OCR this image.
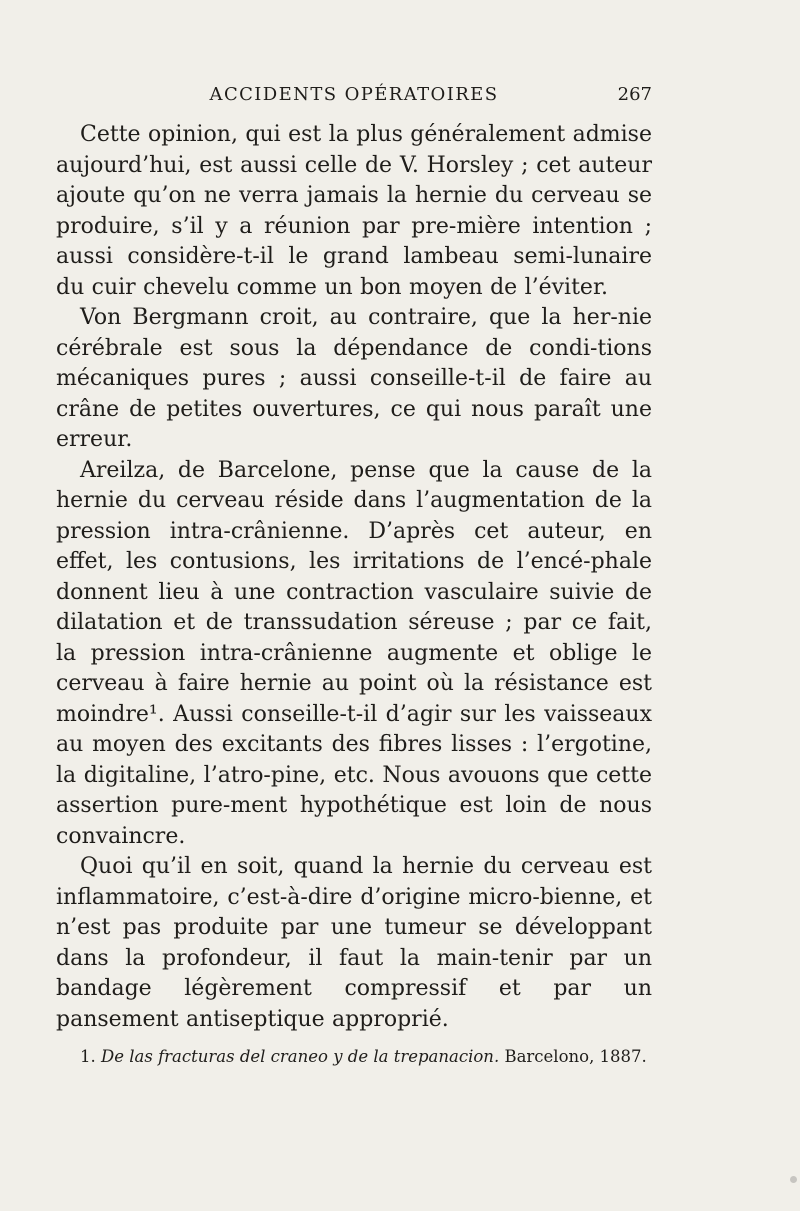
ACCIDENTS OPÉRATOIRES	267

Cette opinion, qui est la plus généralement admise aujourd’hui, est aussi celle de V. Horsley ; cet auteur ajoute qu’on ne verra jamais la hernie du cerveau se produire, s’il y a réunion par pre-mière intention ; aussi considère-t-il le grand lambeau semi-lunaire du cuir chevelu comme un bon moyen de l’éviter.

Von Bergmann croit, au contraire, que la her-nie cérébrale est sous la dépendance de condi-tions mécaniques pures ; aussi conseille-t-il de faire au crâne de petites ouvertures, ce qui nous paraît une erreur.

Areilza, de Barcelone, pense que la cause de la hernie du cerveau réside dans l’augmentation de la pression intra-crânienne. D’après cet auteur, en effet, les contusions, les irritations de l’encé-phale donnent lieu à une contraction vasculaire suivie de dilatation et de transsudation séreuse ; par ce fait, la pression intra-crânienne augmente et oblige le cerveau à faire hernie au point où la résistance est moindre¹. Aussi conseille-t-il d’agir sur les vaisseaux au moyen des excitants des fibres lisses : l’ergotine, la digitaline, l’atro-pine, etc. Nous avouons que cette assertion pure-ment hypothétique est loin de nous convaincre.

Quoi qu’il en soit, quand la hernie du cerveau est inflammatoire, c’est-à-dire d’origine micro-bienne, et n’est pas produite par une tumeur se développant dans la profondeur, il faut la main-tenir par un bandage légèrement compressif et par un pansement antiseptique approprié.

1. De las fracturas del craneo y de la trepanacion. Barcelono, 1887.
